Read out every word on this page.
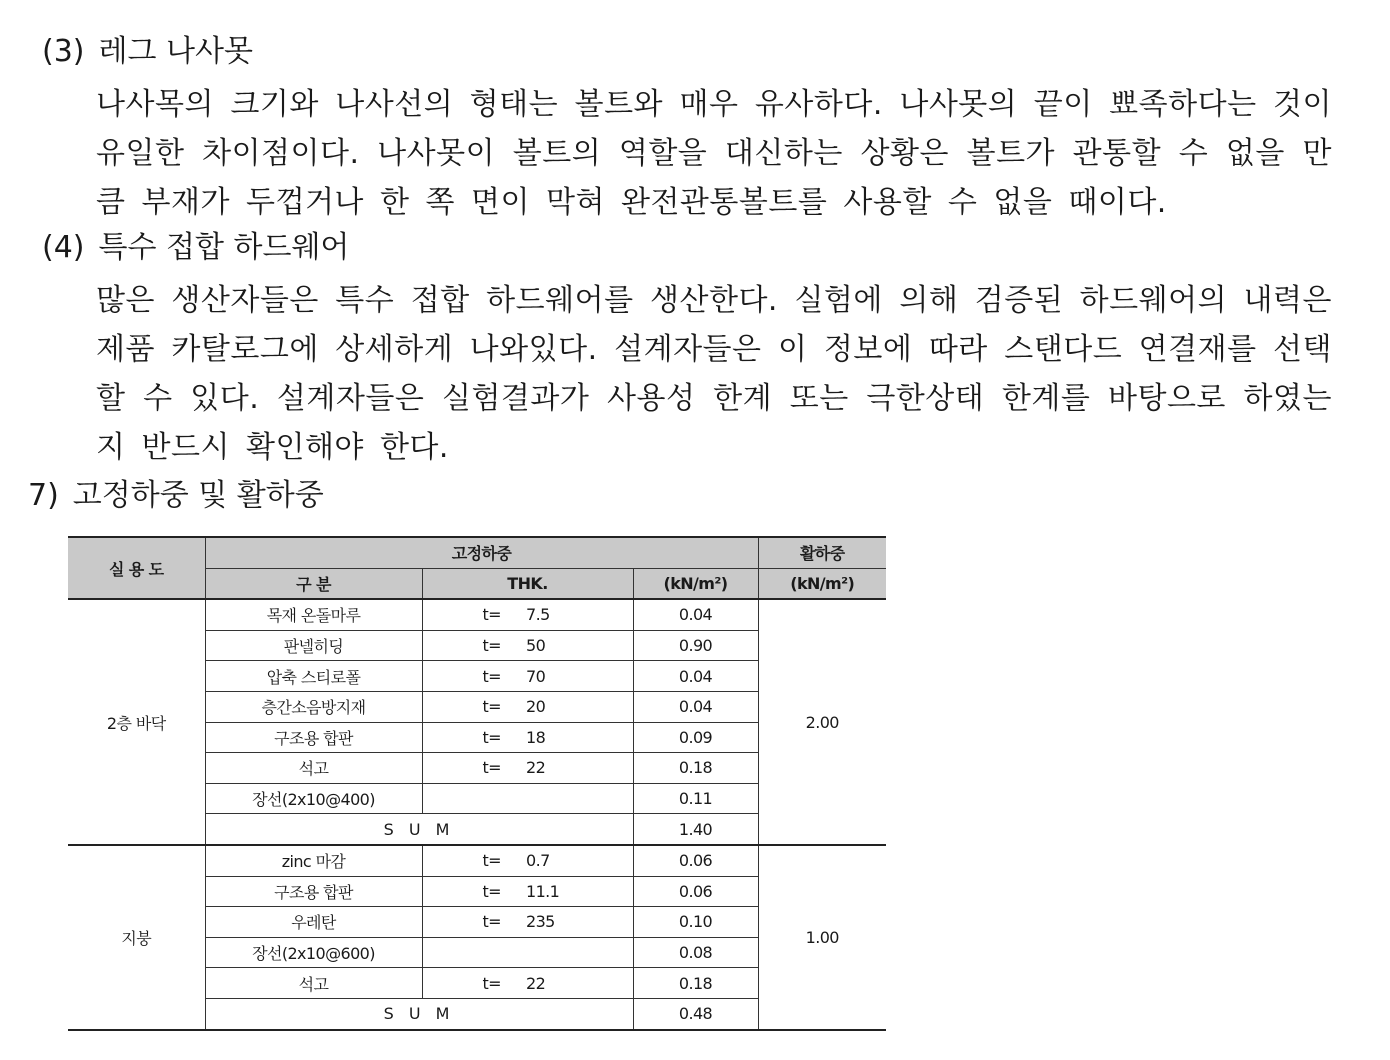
(3) 레그 나사못
나사목의 크기와 나사선의 형태는 볼트와 매우 유사하다. 나사못의 끝이 뾰족하다는 것이 유일한 차이점이다. 나사못이 볼트의 역할을 대신하는 상황은 볼트가 관통할 수 없을 만큼 부재가 두껍거나 한 쪽 면이 막혀 완전관통볼트를 사용할 수 없을 때이다.
(4) 특수 접합 하드웨어
많은 생산자들은 특수 접합 하드웨어를 생산한다. 실험에 의해 검증된 하드웨어의 내력은 제품 카탈로그에 상세하게 나와있다. 설계자들은 이 정보에 따라 스탠다드 연결재를 선택할 수 있다. 설계자들은 실험결과가 사용성 한계 또는 극한상태 한계를 바탕으로 하였는지 반드시 확인해야 한다.
7) 고정하중 및 활하중
실 용 도	고정하중				활하중
	구 분	THK.		(kN/m²)	(kN/m²)
2층 바닥	목재 온돌마루	t=	7.5	0.04	2.00
	판넬히딩	t=	50	0.90	
	압축 스티로폴	t=	70	0.04	
	층간소음방지재	t=	20	0.04	
	구조용 합판	t=	18	0.09	
	석고	t=	22	0.18	
	장선(2x10@400)			0.11	
	S U M			1.40	
지붕	zinc 마감	t=	0.7	0.06	1.00
	구조용 합판	t=	11.1	0.06	
	우레탄	t=	235	0.10	
	장선(2x10@600)			0.08	
	석고	t=	22	0.18	
	S U M			0.48	
